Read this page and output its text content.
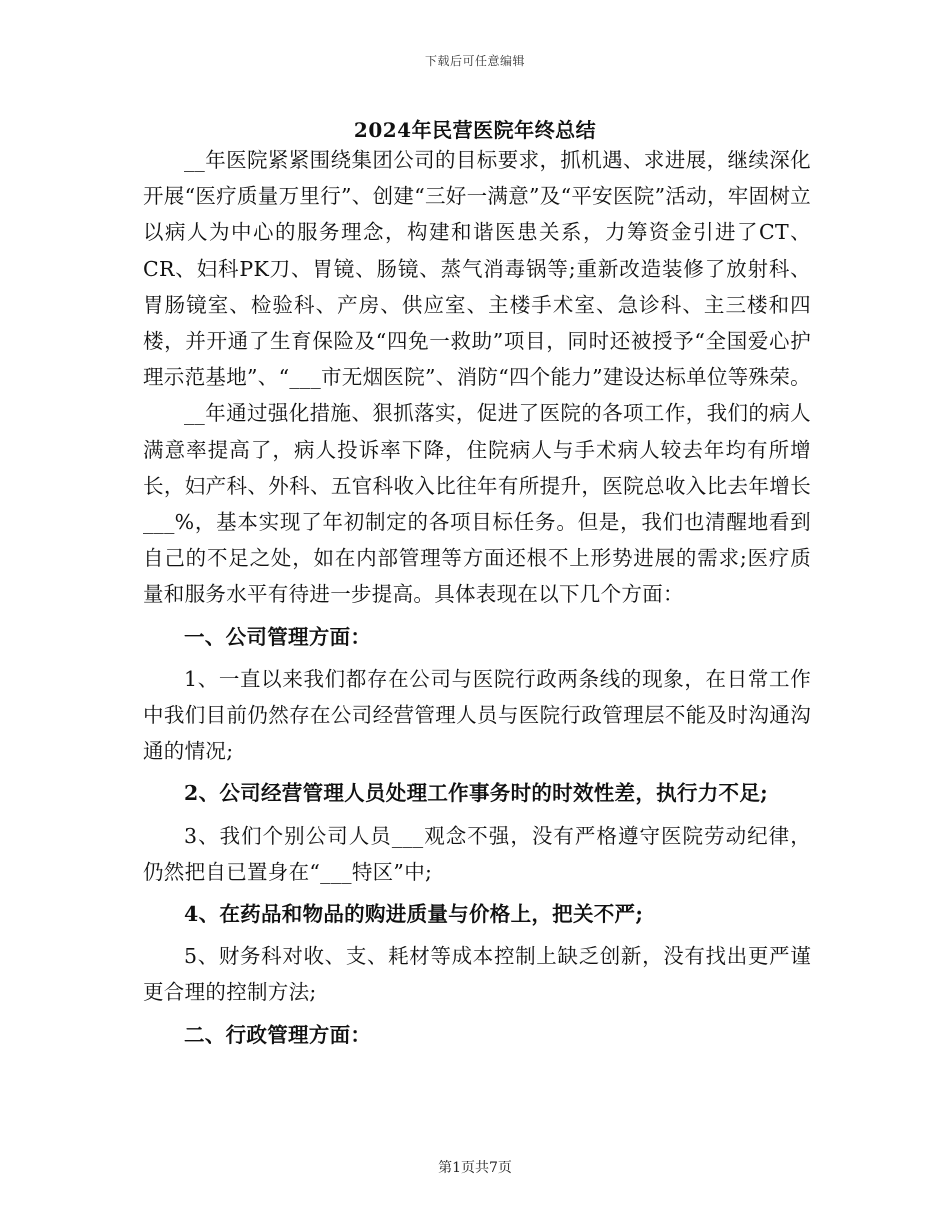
下载后可任意编辑
2024年民营医院年终总结

__年医院紧紧围绕集团公司的目标要求，抓机遇、求进展，继续深化开展“医疗质量万里行”、创建“三好一满意”及“平安医院”活动，牢固树立以病人为中心的服务理念，构建和谐医患关系，力筹资金引进了CT、CR、妇科PK刀、胃镜、肠镜、蒸气消毒锅等;重新改造装修了放射科、胃肠镜室、检验科、产房、供应室、主楼手术室、急诊科、主三楼和四楼，并开通了生育保险及“四免一救助”项目，同时还被授予“全国爱心护理示范基地”、“___市无烟医院”、消防“四个能力”建设达标单位等殊荣。

__年通过强化措施、狠抓落实，促进了医院的各项工作，我们的病人满意率提高了，病人投诉率下降，住院病人与手术病人较去年均有所增长，妇产科、外科、五官科收入比往年有所提升，医院总收入比去年增长___%，基本实现了年初制定的各项目标任务。但是，我们也清醒地看到自己的不足之处，如在内部管理等方面还根不上形势进展的需求;医疗质量和服务水平有待进一步提高。具体表现在以下几个方面：

一、公司管理方面：

1、一直以来我们都存在公司与医院行政两条线的现象，在日常工作中我们目前仍然存在公司经营管理人员与医院行政管理层不能及时沟通沟通的情况;

2、公司经营管理人员处理工作事务时的时效性差，执行力不足;

3、我们个别公司人员___观念不强，没有严格遵守医院劳动纪律，仍然把自已置身在“___特区”中;

4、在药品和物品的购进质量与价格上，把关不严;

5、财务科对收、支、耗材等成本控制上缺乏创新，没有找出更严谨更合理的控制方法;

二、行政管理方面：

第1页共7页
